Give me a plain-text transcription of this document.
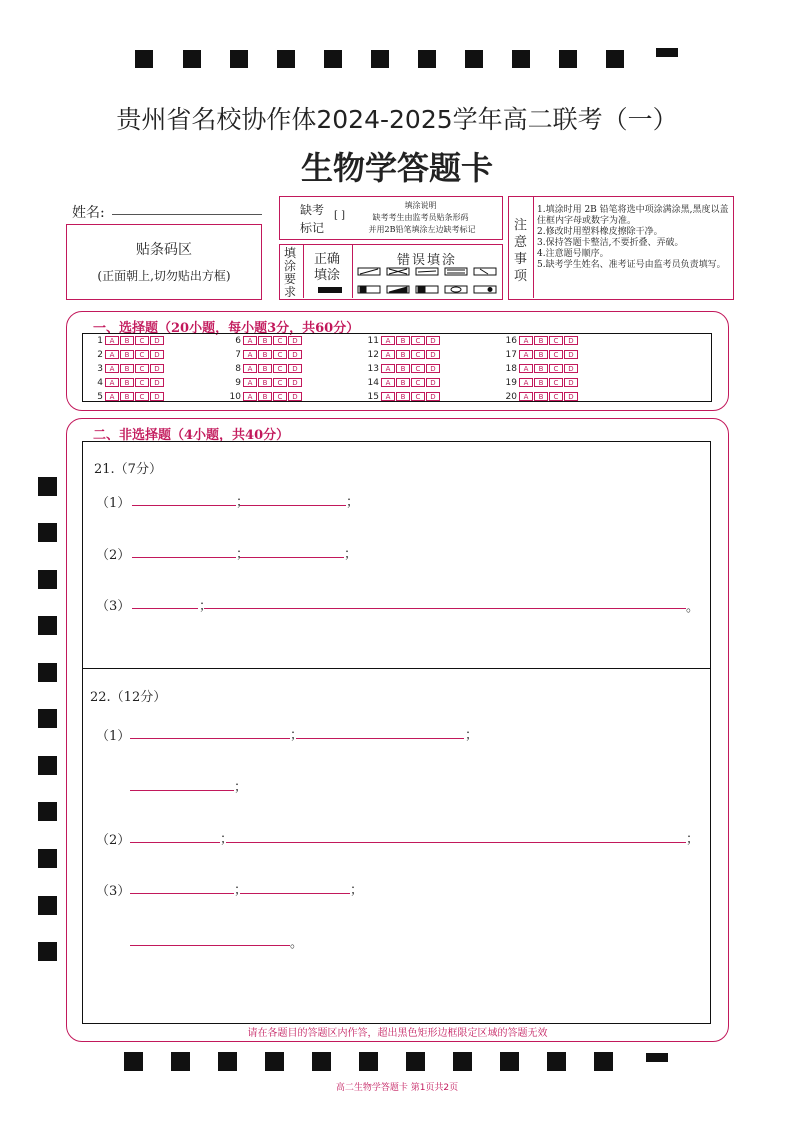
贵州省名校协作体2024-2025学年高二联考（一）
生物学答题卡
姓名:
贴条码区
(正面朝上,切勿贴出方框)
缺考
标记
[ ]
填涂说明
缺考考生由监考员贴条形码
并用2B铅笔填涂左边缺考标记
填涂要求
正确
填涂
错误填涂
注意事项
1.填涂时用 2B 铅笔将选中项涂满涂黑,黑度以盖住框内字母或数字为准。
2.修改时用塑料橡皮擦除干净。
3.保持答题卡整洁,不要折叠、弄破。
4.注意题号顺序。
5.缺考学生姓名、准考证号由监考员负责填写。
一、选择题（20小题，每小题3分，共60分）
1 A B C D
2 A B C D
3 A B C D
4 A B C D
5 A B C D
6 A B C D
7 A B C D
8 A B C D
9 A B C D
10 A B C D
11 A B C D
12 A B C D
13 A B C D
14 A B C D
15 A B C D
16 A B C D
17 A B C D
18 A B C D
19 A B C D
20 A B C D
二、非选择题（4小题，共40分）
请在各题目的答题区内作答，超出黑色矩形边框限定区域的答题无效
21.（7分）
（1）	；	；
（2）	；	；
（3）	；	。
22.（12分）
（1）	；	；
；
（2）	；	；
（3）	；	；
。
高二生物学答题卡 第1页共2页
